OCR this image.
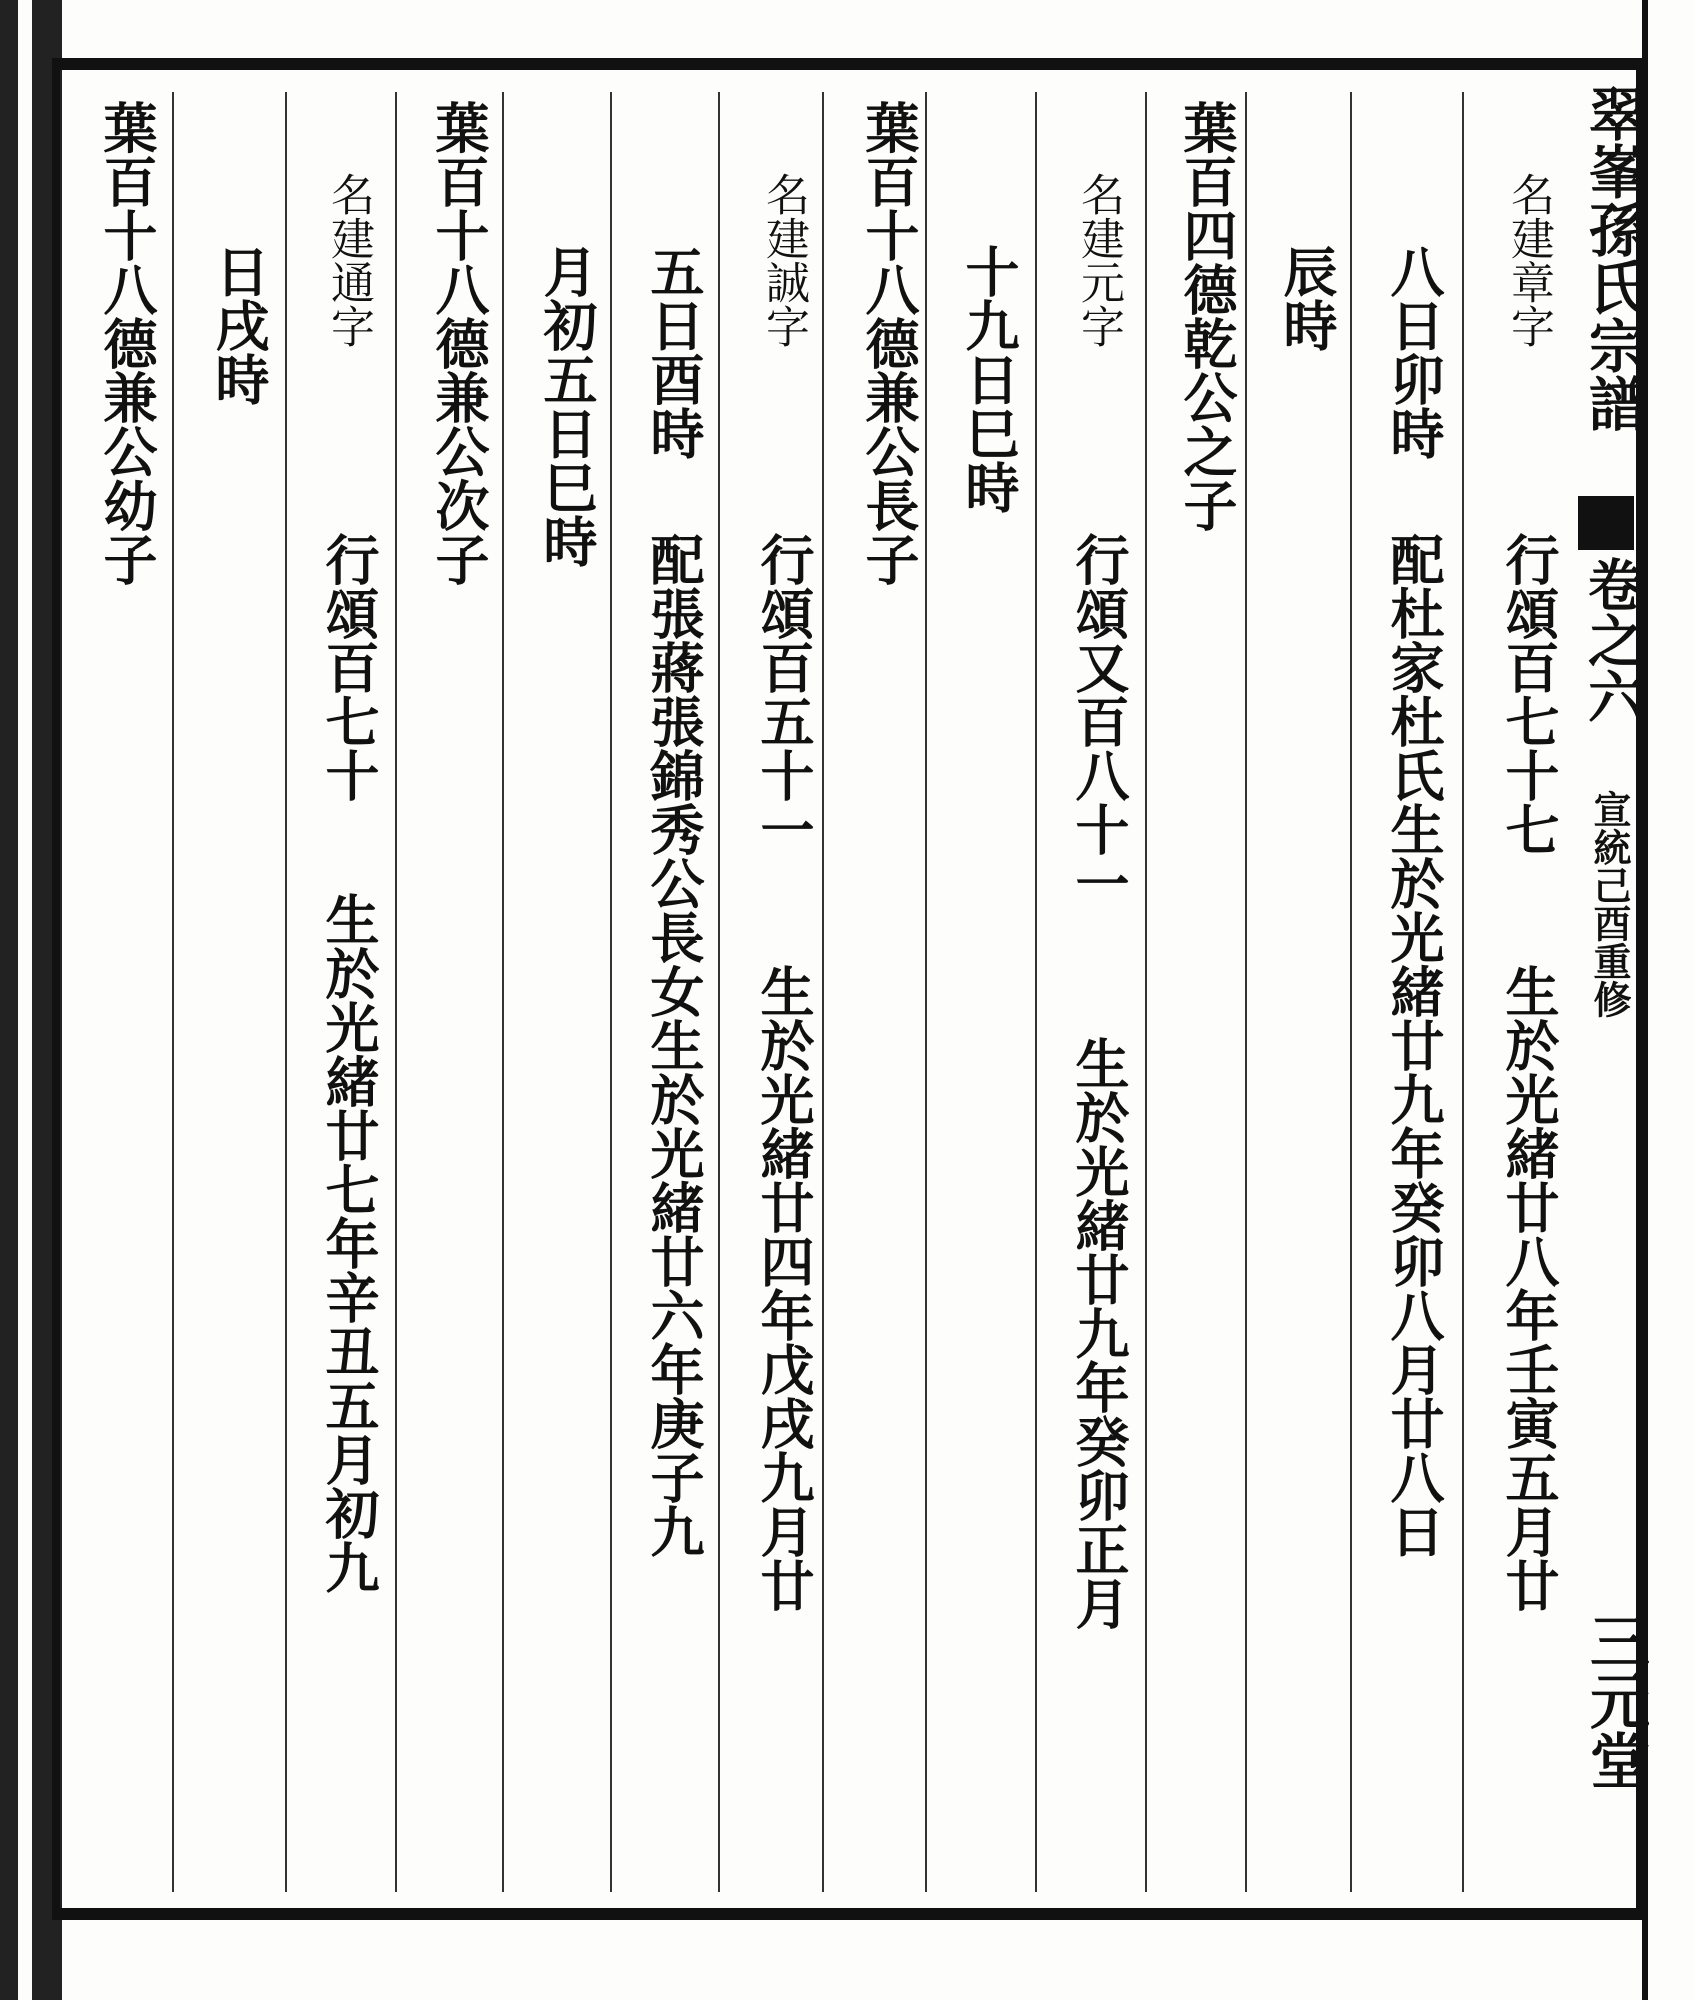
翠峯孫氏宗譜
卷之六
宣統己酉重修
三元堂
名建章字
行頌百七十七
生於光緒廿八年壬寅五月廿
八日卯時
配杜家杜氏生於光緒廿九年癸卯八月廿八日
辰時
葉百四德乾公之子
名建元字
行頌又百八十一
生於光緒廿九年癸卯正月
十九日巳時
葉百十八德兼公長子
名建誠字
行頌百五十一
生於光緒廿四年戊戌九月廿
五日酉時
配張蔣張錦秀公長女生於光緒廿六年庚子九
月初五日巳時
葉百十八德兼公次子
名建通字
行頌百七十
生於光緒廿七年辛丑五月初九
日戌時
葉百十八德兼公幼子
